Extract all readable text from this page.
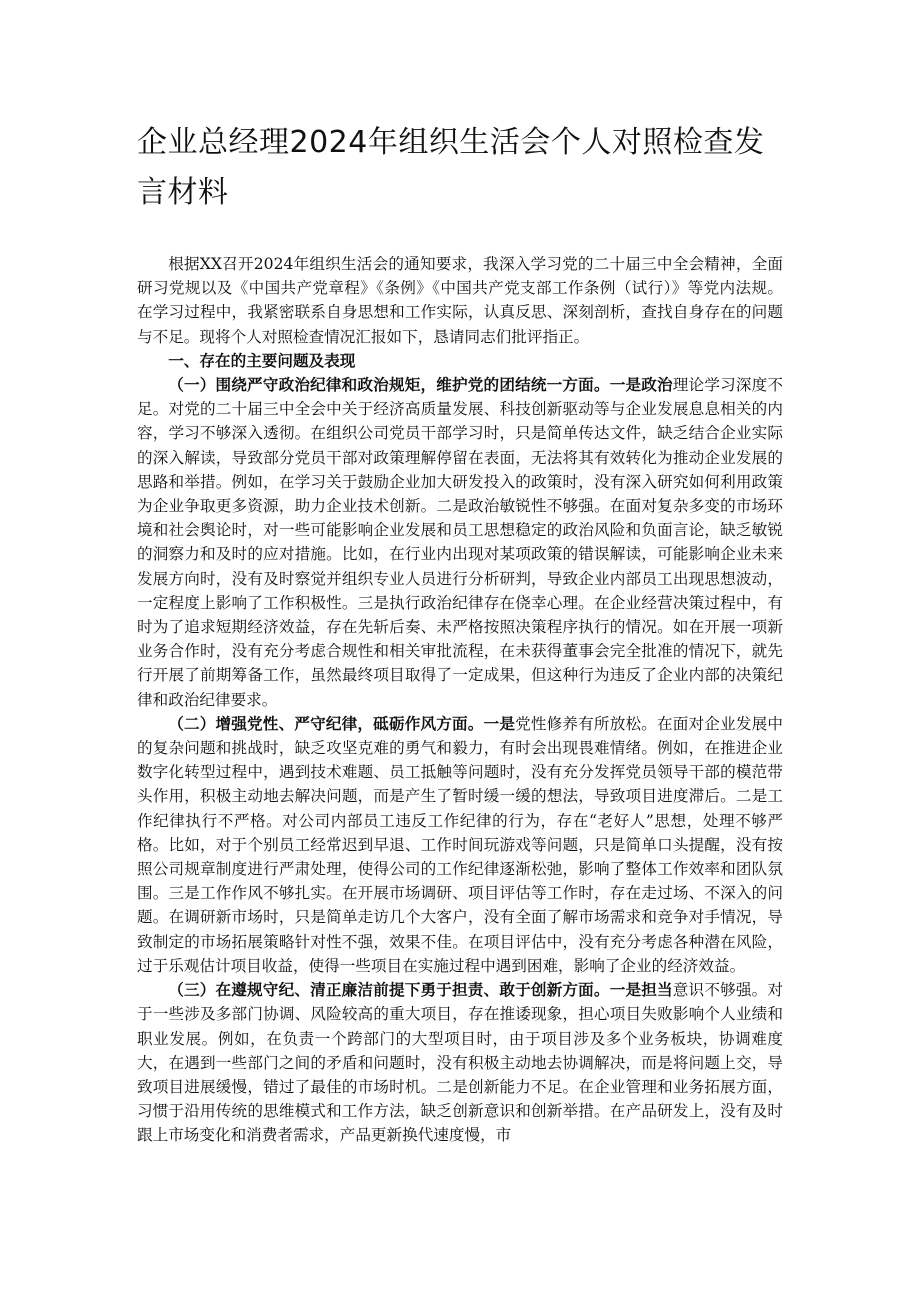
企业总经理2024年组织生活会个人对照检查发言材料

根据XX召开2024年组织生活会的通知要求，我深入学习党的二十届三中全会精神，全面研习党规以及《中国共产党章程》《条例》《中国共产党支部工作条例（试行）》等党内法规。在学习过程中，我紧密联系自身思想和工作实际，认真反思、深刻剖析，查找自身存在的问题与不足。现将个人对照检查情况汇报如下，恳请同志们批评指正。

一、存在的主要问题及表现

（一）围绕严守政治纪律和政治规矩，维护党的团结统一方面。一是政治理论学习深度不足。对党的二十届三中全会中关于经济高质量发展、科技创新驱动等与企业发展息息相关的内容，学习不够深入透彻。在组织公司党员干部学习时，只是简单传达文件，缺乏结合企业实际的深入解读，导致部分党员干部对政策理解停留在表面，无法将其有效转化为推动企业发展的思路和举措。例如，在学习关于鼓励企业加大研发投入的政策时，没有深入研究如何利用政策为企业争取更多资源，助力企业技术创新。二是政治敏锐性不够强。在面对复杂多变的市场环境和社会舆论时，对一些可能影响企业发展和员工思想稳定的政治风险和负面言论，缺乏敏锐的洞察力和及时的应对措施。比如，在行业内出现对某项政策的错误解读，可能影响企业未来发展方向时，没有及时察觉并组织专业人员进行分析研判，导致企业内部员工出现思想波动，一定程度上影响了工作积极性。三是执行政治纪律存在侥幸心理。在企业经营决策过程中，有时为了追求短期经济效益，存在先斩后奏、未严格按照决策程序执行的情况。如在开展一项新业务合作时，没有充分考虑合规性和相关审批流程，在未获得董事会完全批准的情况下，就先行开展了前期筹备工作，虽然最终项目取得了一定成果，但这种行为违反了企业内部的决策纪律和政治纪律要求。

（二）增强党性、严守纪律，砥砺作风方面。一是党性修养有所放松。在面对企业发展中的复杂问题和挑战时，缺乏攻坚克难的勇气和毅力，有时会出现畏难情绪。例如，在推进企业数字化转型过程中，遇到技术难题、员工抵触等问题时，没有充分发挥党员领导干部的模范带头作用，积极主动地去解决问题，而是产生了暂时缓一缓的想法，导致项目进度滞后。二是工作纪律执行不严格。对公司内部员工违反工作纪律的行为，存在“老好人”思想，处理不够严格。比如，对于个别员工经常迟到早退、工作时间玩游戏等问题，只是简单口头提醒，没有按照公司规章制度进行严肃处理，使得公司的工作纪律逐渐松弛，影响了整体工作效率和团队氛围。三是工作作风不够扎实。在开展市场调研、项目评估等工作时，存在走过场、不深入的问题。在调研新市场时，只是简单走访几个大客户，没有全面了解市场需求和竞争对手情况，导致制定的市场拓展策略针对性不强，效果不佳。在项目评估中，没有充分考虑各种潜在风险，过于乐观估计项目收益，使得一些项目在实施过程中遇到困难，影响了企业的经济效益。

（三）在遵规守纪、清正廉洁前提下勇于担责、敢于创新方面。一是担当意识不够强。对于一些涉及多部门协调、风险较高的重大项目，存在推诿现象，担心项目失败影响个人业绩和职业发展。例如，在负责一个跨部门的大型项目时，由于项目涉及多个业务板块，协调难度大，在遇到一些部门之间的矛盾和问题时，没有积极主动地去协调解决，而是将问题上交，导致项目进展缓慢，错过了最佳的市场时机。二是创新能力不足。在企业管理和业务拓展方面，习惯于沿用传统的思维模式和工作方法，缺乏创新意识和创新举措。在产品研发上，没有及时跟上市场变化和消费者需求，产品更新换代速度慢，市
